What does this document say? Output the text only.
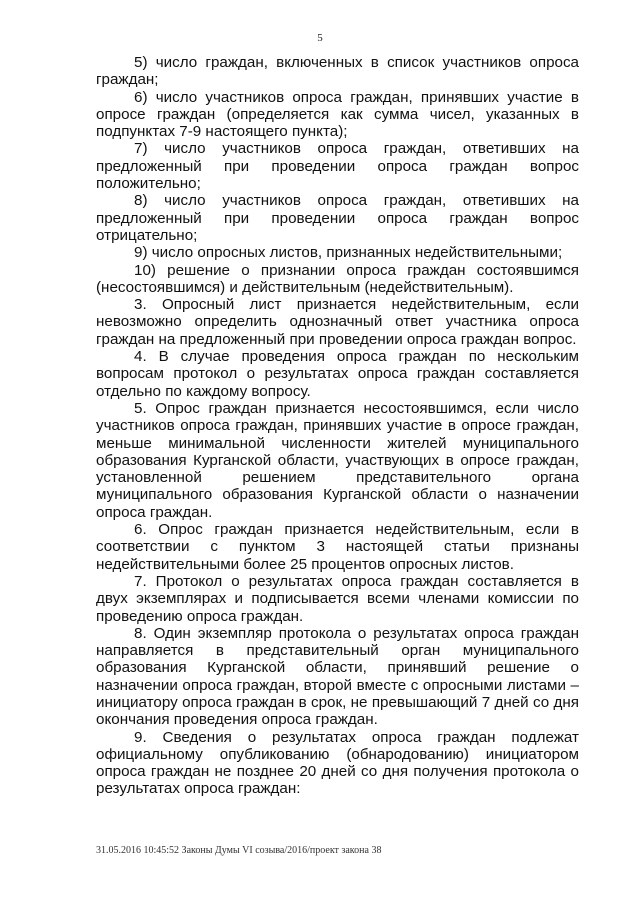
5

5) число граждан, включенных в список участников опроса граждан;

6) число участников опроса граждан, принявших участие в опросе граждан (определяется как сумма чисел, указанных в подпунктах 7-9 настоящего пункта);

7) число участников опроса граждан, ответивших на предложенный при проведении опроса граждан вопрос положительно;

8) число участников опроса граждан, ответивших на предложенный при проведении опроса граждан вопрос отрицательно;

9) число опросных листов, признанных недействительными;

10) решение о признании опроса граждан состоявшимся (несостоявшимся) и действительным (недействительным).

3. Опросный лист признается недействительным, если невозможно определить однозначный ответ участника опроса граждан на предложенный при проведении опроса граждан вопрос.

4. В случае проведения опроса граждан по нескольким вопросам протокол о результатах опроса граждан составляется отдельно по каждому вопросу.

5. Опрос граждан признается несостоявшимся, если число участников опроса граждан, принявших участие в опросе граждан, меньше минимальной численности жителей муниципального образования Курганской области, участвующих в опросе граждан, установленной решением представительного органа муниципального образования Курганской области о назначении опроса граждан.

6. Опрос граждан признается недействительным, если в соответствии с пунктом 3 настоящей статьи признаны недействительными более 25 процентов опросных листов.

7. Протокол о результатах опроса граждан составляется в двух экземплярах и подписывается всеми членами комиссии по проведению опроса граждан.

8. Один экземпляр протокола о результатах опроса граждан направляется в представительный орган муниципального образования Курганской области, принявший решение о назначении опроса граждан, второй вместе с опросными листами – инициатору опроса граждан в срок, не превышающий 7 дней со дня окончания проведения опроса граждан.

9. Сведения о результатах опроса граждан подлежат официальному опубликованию (обнародованию) инициатором опроса граждан не позднее 20 дней со дня получения протокола о результатах опроса граждан:

31.05.2016 10:45:52 Законы Думы VI созыва/2016/проект закона 38
